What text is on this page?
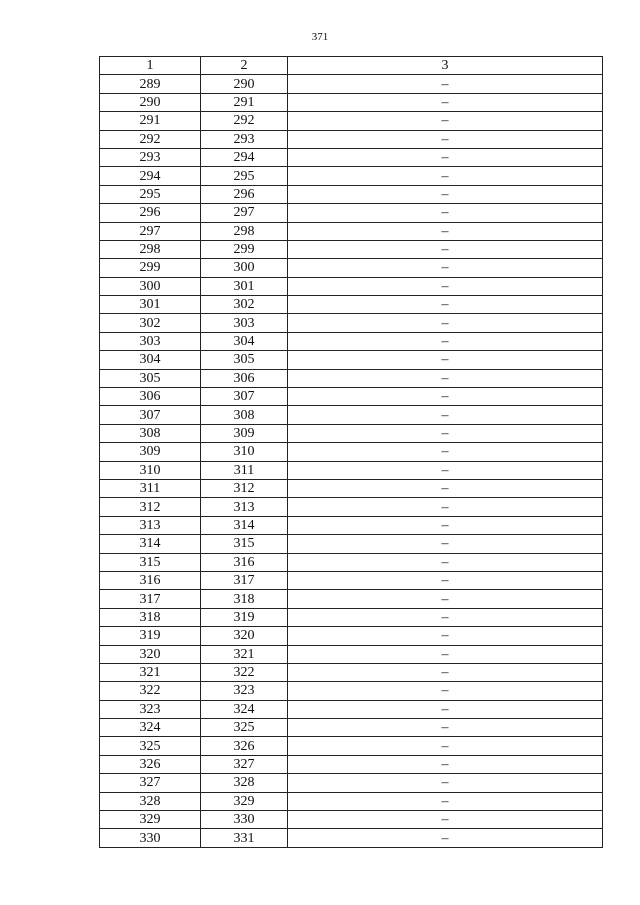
371
1	2	3
289	290	–
290	291	–
291	292	–
292	293	–
293	294	–
294	295	–
295	296	–
296	297	–
297	298	–
298	299	–
299	300	–
300	301	–
301	302	–
302	303	–
303	304	–
304	305	–
305	306	–
306	307	–
307	308	–
308	309	–
309	310	–
310	311	–
311	312	–
312	313	–
313	314	–
314	315	–
315	316	–
316	317	–
317	318	–
318	319	–
319	320	–
320	321	–
321	322	–
322	323	–
323	324	–
324	325	–
325	326	–
326	327	–
327	328	–
328	329	–
329	330	–
330	331	–
